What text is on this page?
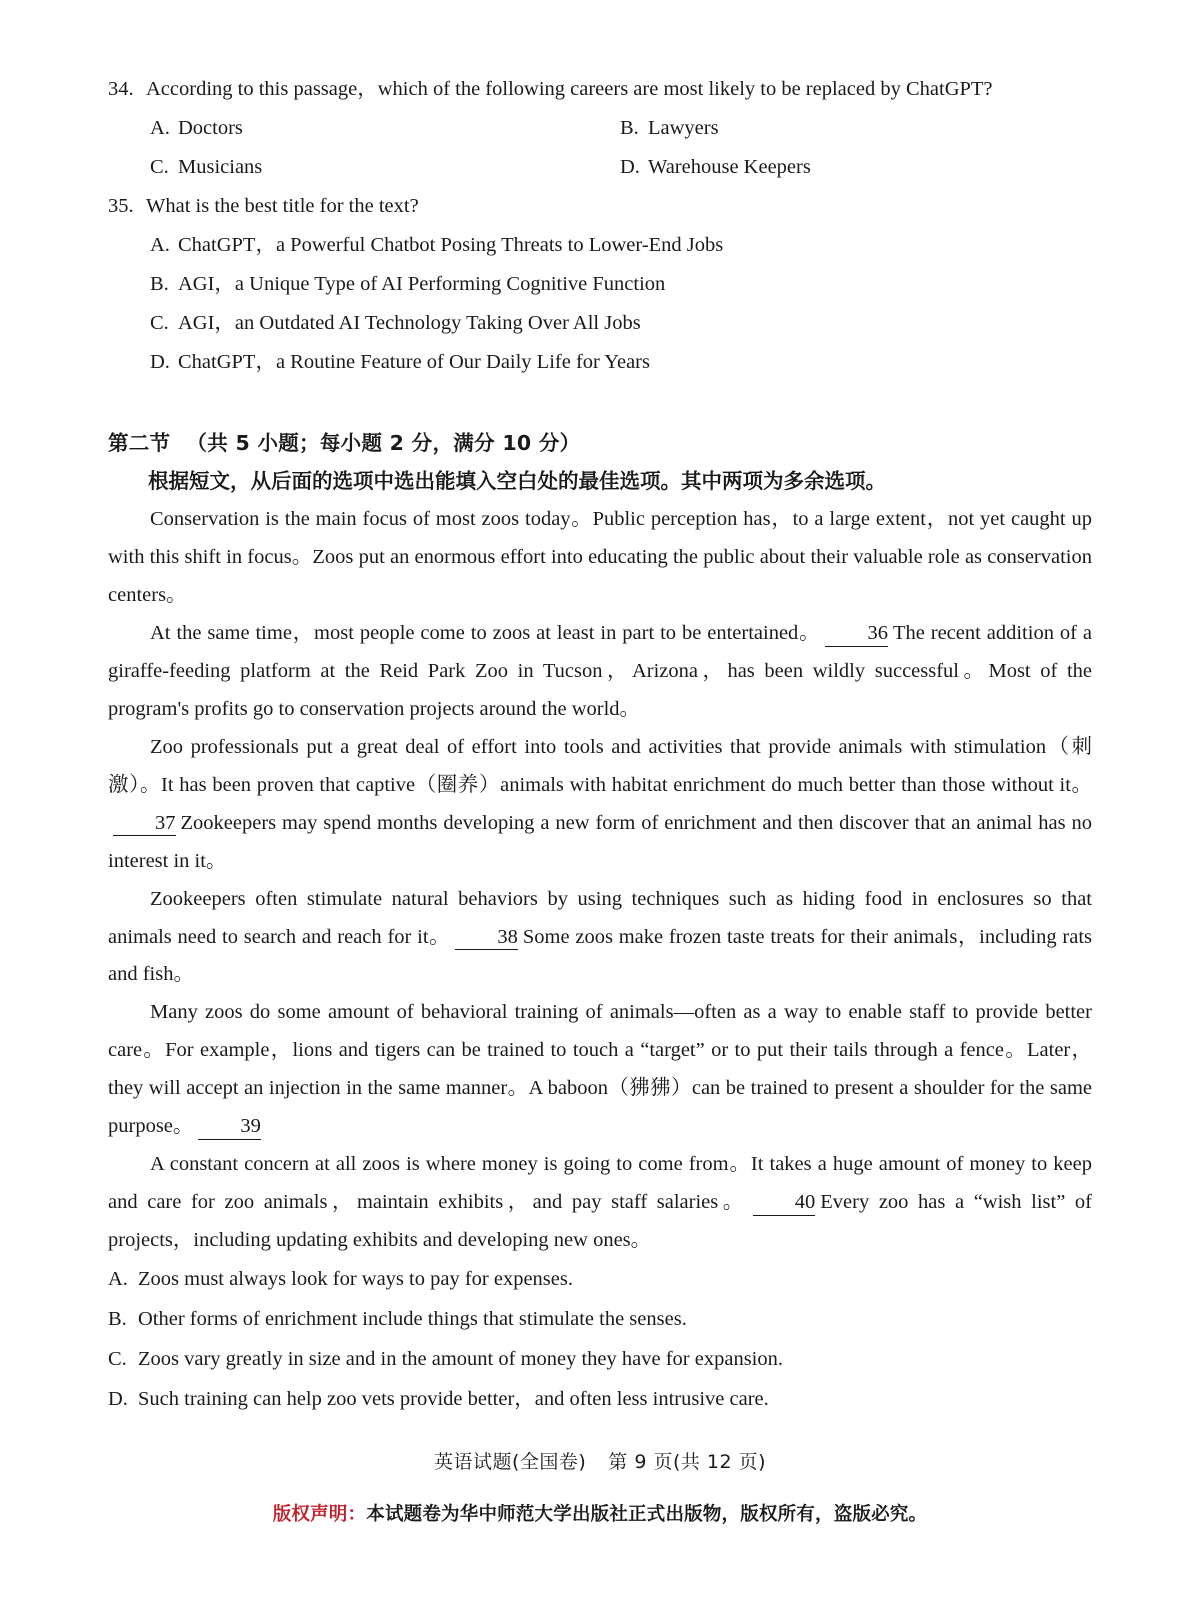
34. According to this passage，which of the following careers are most likely to be replaced by ChatGPT?
A. Doctors	B. Lawyers
C. Musicians	D. Warehouse Keepers
35. What is the best title for the text?
A. ChatGPT，a Powerful Chatbot Posing Threats to Lower-End Jobs
B. AGI，a Unique Type of AI Performing Cognitive Function
C. AGI，an Outdated AI Technology Taking Over All Jobs
D. ChatGPT，a Routine Feature of Our Daily Life for Years
第二节 （共 5 小题；每小题 2 分，满分 10 分）
根据短文，从后面的选项中选出能填入空白处的最佳选项。其中两项为多余选项。

Conservation is the main focus of most zoos today。Public perception has，to a large extent，not yet caught up with this shift in focus。Zoos put an enormous effort into educating the public about their valuable role as conservation centers。

At the same time，most people come to zoos at least in part to be entertained。 36 The recent addition of a giraffe-feeding platform at the Reid Park Zoo in Tucson，Arizona，has been wildly successful。Most of the program's profits go to conservation projects around the world。

Zoo professionals put a great deal of effort into tools and activities that provide animals with stimulation（刺激）。It has been proven that captive（圈养）animals with habitat enrichment do much better than those without it。37 Zookeepers may spend months developing a new form of enrichment and then discover that an animal has no interest in it。

Zookeepers often stimulate natural behaviors by using techniques such as hiding food in enclosures so that animals need to search and reach for it。 38 Some zoos make frozen taste treats for their animals，including rats and fish。

Many zoos do some amount of behavioral training of animals—often as a way to enable staff to provide better care。For example，lions and tigers can be trained to touch a “target” or to put their tails through a fence。Later，they will accept an injection in the same manner。A baboon（狒狒）can be trained to present a shoulder for the same purpose。 39

A constant concern at all zoos is where money is going to come from。It takes a huge amount of money to keep and care for zoo animals，maintain exhibits，and pay staff salaries。 40 Every zoo has a “wish list” of projects，including updating exhibits and developing new ones。

A. Zoos must always look for ways to pay for expenses.
B. Other forms of enrichment include things that stimulate the senses.
C. Zoos vary greatly in size and in the amount of money they have for expansion.
D. Such training can help zoo vets provide better，and often less intrusive care.
英语试题(全国卷) 第 9 页(共 12 页)
版权声明：本试题卷为华中师范大学出版社正式出版物，版权所有，盗版必究。
